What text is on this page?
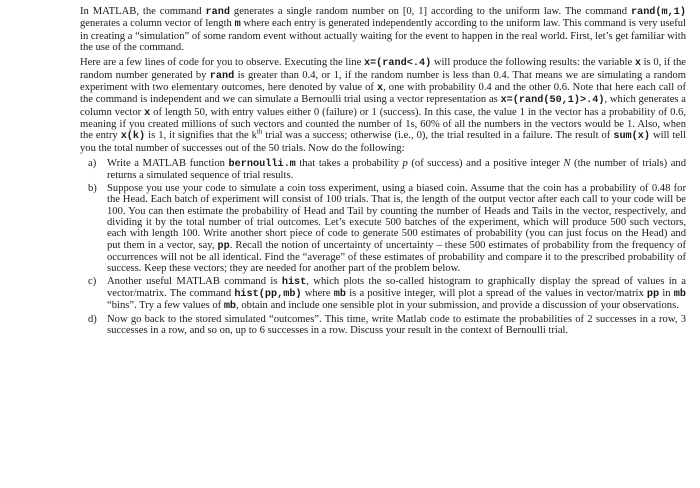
In MATLAB, the command rand generates a single random number on [0, 1] according to the uniform law. The command rand(m,1) generates a column vector of length m where each entry is generated independently according to the uniform law. This command is very useful in creating a “simulation” of some random event without actually waiting for the event to happen in the real world. First, let’s get familiar with the use of the command.

Here are a few lines of code for you to observe. Executing the line x=(rand<.4) will produce the following results: the variable x is 0, if the random number generated by rand is greater than 0.4, or 1, if the random number is less than 0.4. That means we are simulating a random experiment with two elementary outcomes, here denoted by value of x, one with probability 0.4 and the other 0.6. Note that here each call of the command is independent and we can simulate a Bernoulli trial using a vector representation as x=(rand(50,1)>.4), which generates a column vector x of length 50, with entry values either 0 (failure) or 1 (success). In this case, the value 1 in the vector has a probability of 0.6, meaning if you created millions of such vectors and counted the number of 1s, 60% of all the numbers in the vectors would be 1. Also, when the entry x(k) is 1, it signifies that the $k^{th}$ trial was a success; otherwise (i.e., 0), the trial resulted in a failure. The result of sum(x) will tell you the total number of successes out of the 50 trials. Now do the following:

a) Write a MATLAB function bernoulli.m that takes a probability p (of success) and a positive integer N (the number of trials) and returns a simulated sequence of trial results.
b) Suppose you use your code to simulate a coin toss experiment, using a biased coin. Assume that the coin has a probability of 0.48 for the Head. Each batch of experiment will consist of 100 trials. That is, the length of the output vector after each call to your code will be 100. You can then estimate the probability of Head and Tail by counting the number of Heads and Tails in the vector, respectively, and dividing it by the total number of trial outcomes. Let’s execute 500 batches of the experiment, which will produce 500 such vectors, each with length 100. Write another short piece of code to generate 500 estimates of probability (you can just focus on the Head) and put them in a vector, say, pp. Recall the notion of uncertainty of uncertainty – these 500 estimates of probability from the frequency of occurrences will not be all identical. Find the “average” of these estimates of probability and compare it to the prescribed probability of success. Keep these vectors; they are needed for another part of the problem below.
c) Another useful MATLAB command is hist, which plots the so-called histogram to graphically display the spread of values in a vector/matrix. The command hist(pp,mb) where mb is a positive integer, will plot a spread of the values in vector/matrix pp in mb “bins”. Try a few values of mb, obtain and include one sensible plot in your submission, and provide a discussion of your observations.
d) Now go back to the stored simulated “outcomes”. This time, write Matlab code to estimate the probabilities of 2 successes in a row, 3 successes in a row, and so on, up to 6 successes in a row. Discuss your result in the context of Bernoulli trial.
